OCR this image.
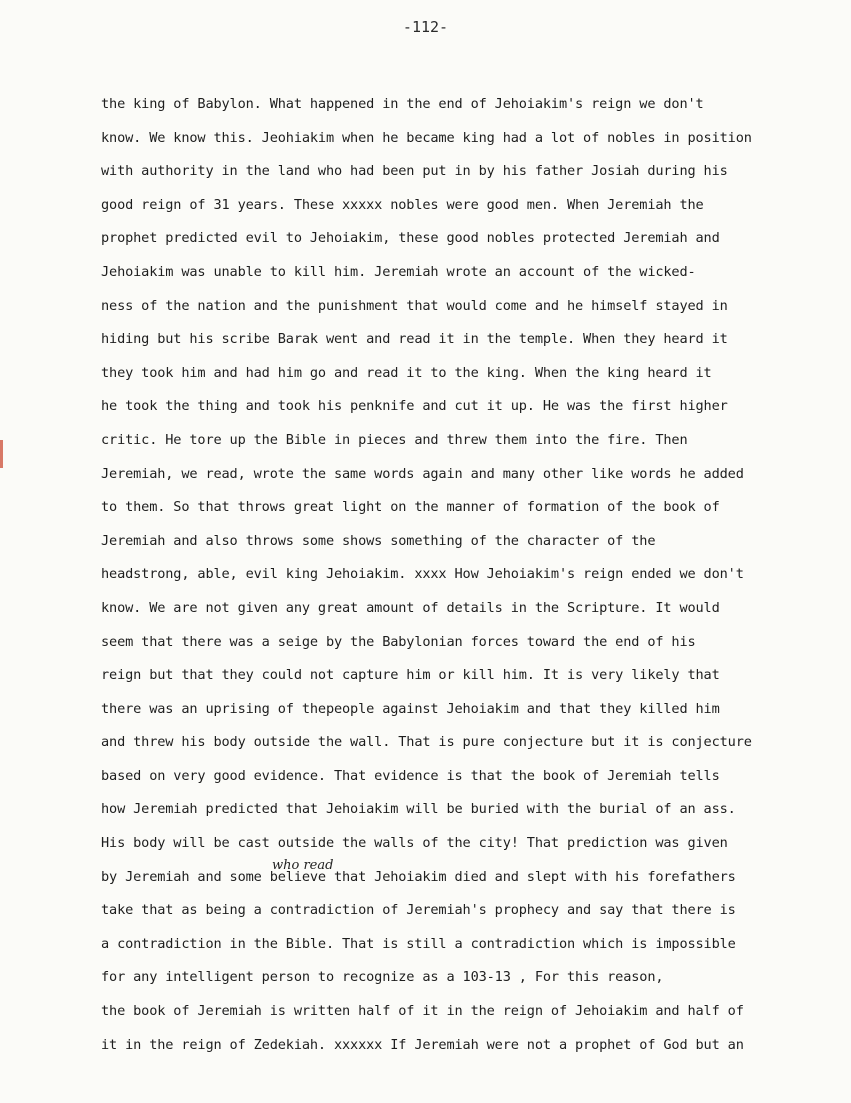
-112-
who read
the king of Babylon. What happened in the end of Jehoiakim's reign we don't
know. We know this. Jeohiakim when he became king had a lot of nobles in position
with authority in the land who had been put in by his father Josiah during his
good reign of 31 years. These xxxxx nobles were good men. When Jeremiah the
prophet predicted evil to Jehoiakim, these good nobles protected Jeremiah and
Jehoiakim was unable to kill him. Jeremiah wrote an account of the wicked-
ness of the nation and the punishment that would come and he himself stayed in
hiding but his scribe Barak went and read it in the temple. When they heard it
they took him and had him go and read it to the king. When the king heard it
he took the thing and took his penknife and cut it up. He was the first higher
critic. He tore up the Bible in pieces and threw them into the fire. Then
Jeremiah, we read, wrote the same words again and many other like words he added
to them. So that throws great light on the manner of formation of the book of
Jeremiah and also throws some shows something of the character of the
headstrong, able, evil king Jehoiakim. xxxx How Jehoiakim's reign ended we don't
know. We are not given any great amount of details in the Scripture. It would
seem that there was a seige by the Babylonian forces toward the end of his
reign but that they could not capture him or kill him. It is very likely that
there was an uprising of thepeople against Jehoiakim and that they killed him
and threw his body outside the wall. That is pure conjecture but it is conjecture
based on very good evidence. That evidence is that the book of Jeremiah tells
how Jeremiah predicted that Jehoiakim will be buried with the burial of an ass.
His body will be cast outside the walls of the city! That prediction was given
by Jeremiah and some believe that Jehoiakim died and slept with his forefathers
take that as being a contradiction of Jeremiah's prophecy and say that there is
a contradiction in the Bible. That is still a contradiction which is impossible
for any intelligent person to recognize as a 103-13 , For this reason,
the book of Jeremiah is written half of it in the reign of Jehoiakim and half of
it in the reign of Zedekiah. xxxxxx If Jeremiah were not a prophet of God but an
